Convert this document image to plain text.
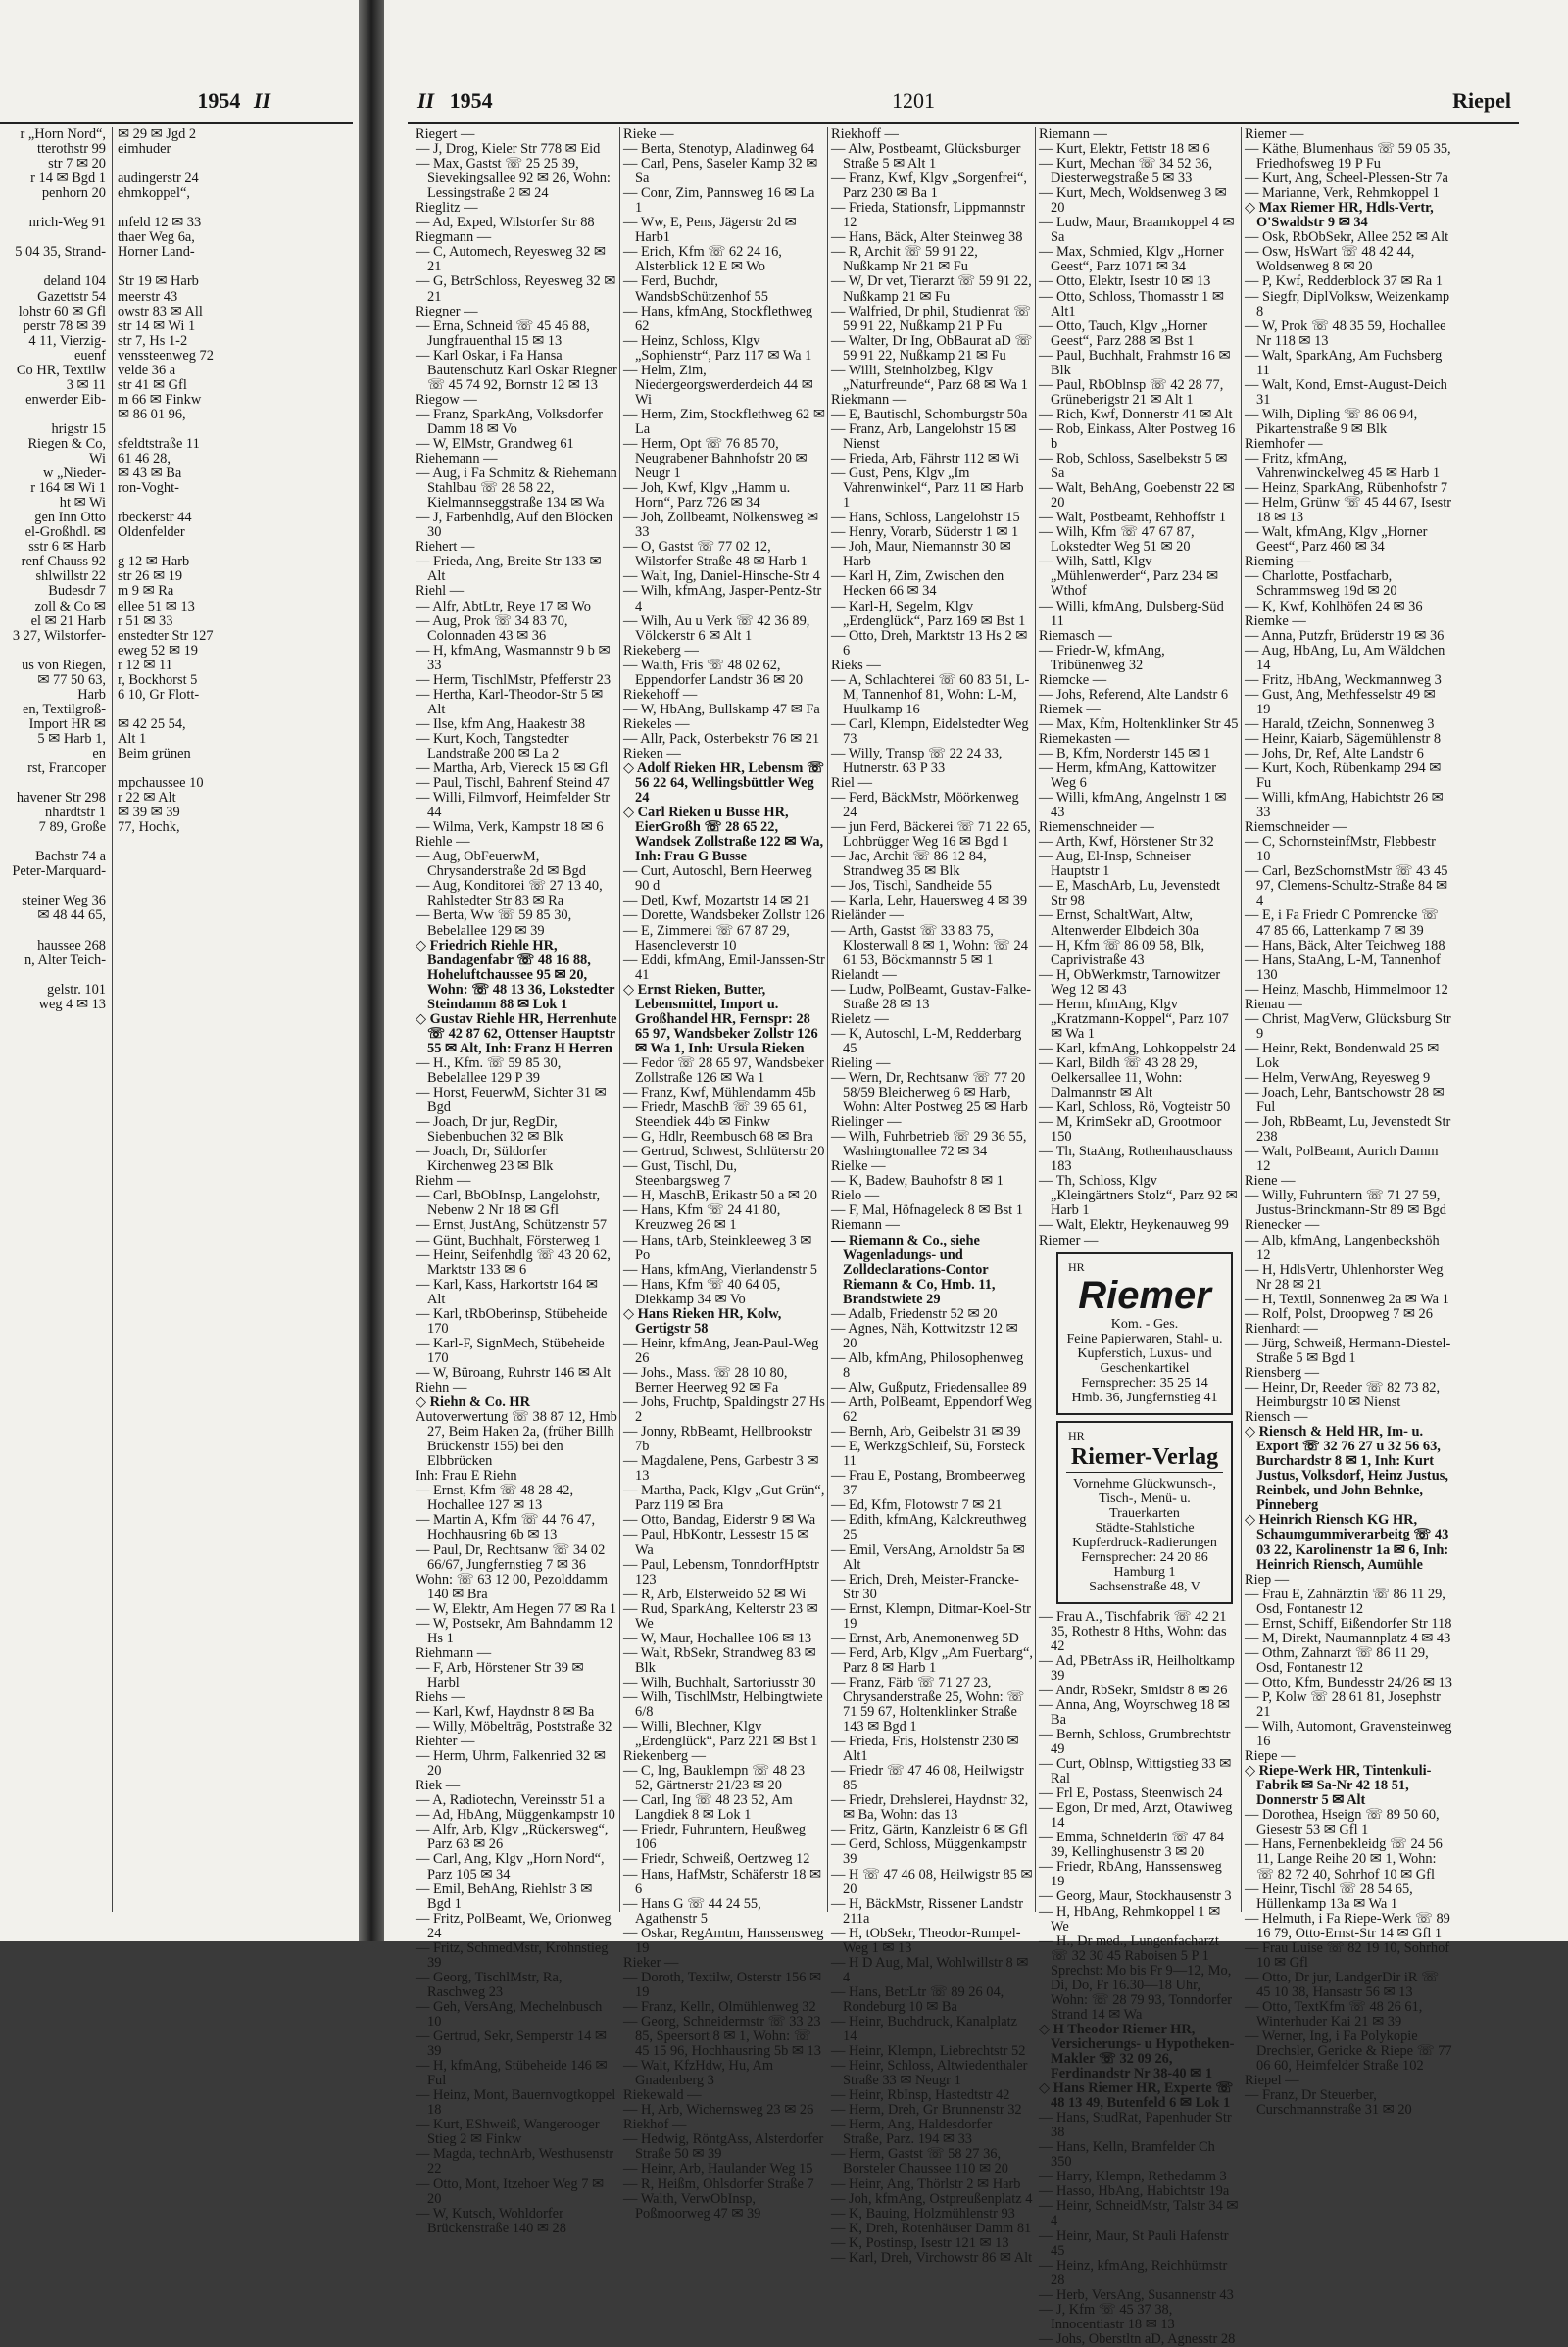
1954 II

r „Horn Nord“,

tterothstr 99

str 7 ✉ 20

r 14 ✉ Bgd 1

penhorn 20

nrich-Weg 91

5 04 35, Strand-

deland 104

Gazettstr 54

lohstr 60 ✉ Gfl

perstr 78 ✉ 39

4 11, Vierzig-

euenf

Co HR, Textilw

3 ✉ 11

enwerder Eib-

hrigstr 15

Riegen & Co,

Wi

w „Nieder-

r 164 ✉ Wi 1

ht ✉ Wi

gen Inn Otto

el-Großhdl. ✉

sstr 6 ✉ Harb

renf Chauss 92

shlwillstr 22

Budesdr 7

zoll & Co ✉

el ✉ 21 Harb

3 27, Wilstorfer-

us von Riegen,

✉ 77 50 63,

Harb

en, Textilgroß-

Import HR ✉

5 ✉ Harb 1,

en

rst, Francoper

havener Str 298

nhardtstr 1

7 89, Große

Bachstr 74 a

Peter-Marquard-

steiner Weg 36

✉ 48 44 65,

haussee 268

n, Alter Teich-

gelstr. 101

weg 4 ✉ 13

✉ 29 ✉ Jgd 2

eimhuder

audingerstr 24

ehmkoppel“,

mfeld 12 ✉ 33

thaer Weg 6a,

Horner Land-

Str 19 ✉ Harb

meerstr 43

owstr 83 ✉ All

str 14 ✉ Wi 1

str 7, Hs 1-2

venssteenweg 72

velde 36 a

str 41 ✉ Gfl

m 66 ✉ Finkw

✉ 86 01 96,

sfeldtstraße 11

61 46 28,

✉ 43 ✉ Ba

ron-Voght-

rbeckerstr 44

Oldenfelder

g 12 ✉ Harb

str 26 ✉ 19

m 9 ✉ Ra

ellee 51 ✉ 13

r 51 ✉ 33

enstedter Str 127

eweg 52 ✉ 19

r 12 ✉ 11

r, Bockhorst 5

6 10, Gr Flott-

✉ 42 25 54,

Alt 1

Beim grünen

mpchaussee 10

r 22 ✉ Alt

✉ 39 ✉ 39

77, Hochk,

II 1954	1201	Riepel

Riegert —

— J, Drog, Kieler Str 778 ✉ Eid

— Max, Gastst ☏ 25 25 39, Sievekingsallee 92 ✉ 26, Wohn: Lessingstraße 2 ✉ 24

Rieglitz —

— Ad, Exped, Wilstorfer Str 88

Riegmann —

— C, Automech, Reyesweg 32 ✉ 21

— G, BetrSchloss, Reyesweg 32 ✉ 21

Riegner —

— Erna, Schneid ☏ 45 46 88, Jungfrauenthal 15 ✉ 13

— Karl Oskar, i Fa Hansa Bautenschutz Karl Oskar Riegner ☏ 45 74 92, Bornstr 12 ✉ 13

Riegow —

— Franz, SparkAng, Volksdorfer Damm 18 ✉ Vo

— W, ElMstr, Grandweg 61

Riehemann —

— Aug, i Fa Schmitz & Riehemann Stahlbau ☏ 28 58 22, Kielmannseggstraße 134 ✉ Wa

— J, Farbenhdlg, Auf den Blöcken 30

Riehert —

— Frieda, Ang, Breite Str 133 ✉ Alt

Riehl —

— Alfr, AbtLtr, Reye 17 ✉ Wo

— Aug, Prok ☏ 34 83 70, Colonnaden 43 ✉ 36

— H, kfmAng, Wasmannstr 9 b ✉ 33

— Herm, TischlMstr, Pfefferstr 23

— Hertha, Karl-Theodor-Str 5 ✉ Alt

— Ilse, kfm Ang, Haakestr 38

— Kurt, Koch, Tangstedter Landstraße 200 ✉ La 2

— Martha, Arb, Viereck 15 ✉ Gfl

— Paul, Tischl, Bahrenf Steind 47

— Willi, Filmvorf, Heimfelder Str 44

— Wilma, Verk, Kampstr 18 ✉ 6

Riehle —

— Aug, ObFeuerwM, Chrysanderstraße 2d ✉ Bgd

— Aug, Konditorei ☏ 27 13 40, Rahlstedter Str 83 ✉ Ra

— Berta, Ww ☏ 59 85 30, Bebelallee 129 ✉ 39

◇ Friedrich Riehle HR, Bandagenfabr ☏ 48 16 88, Hoheluftchaussee 95 ✉ 20, Wohn: ☏ 48 13 36, Lokstedter Steindamm 88 ✉ Lok 1

◇ Gustav Riehle HR, Herrenhute ☏ 42 87 62, Ottenser Hauptstr 55 ✉ Alt, Inh: Franz H Herren

— H., Kfm. ☏ 59 85 30, Bebelallee 129 P 39

— Horst, FeuerwM, Sichter 31 ✉ Bgd

— Joach, Dr jur, RegDir, Siebenbuchen 32 ✉ Blk

— Joach, Dr, Süldorfer Kirchenweg 23 ✉ Blk

Riehm —

— Carl, BbObInsp, Langelohstr, Nebenw 2 Nr 18 ✉ Gfl

— Ernst, JustAng, Schützenstr 57

— Günt, Buchhalt, Försterweg 1

— Heinr, Seifenhdlg ☏ 43 20 62, Marktstr 133 ✉ 6

— Karl, Kass, Harkortstr 164 ✉ Alt

— Karl, tRbOberinsp, Stübeheide 170

— Karl-F, SignMech, Stübeheide 170

— W, Büroang, Ruhrstr 146 ✉ Alt

Riehn —

◇ Riehn & Co. HR

Autoverwertung ☏ 38 87 12, Hmb 27, Beim Haken 2a, (früher Billh Brückenstr 155) bei den Elbbrücken

Inh: Frau E Riehn

— Ernst, Kfm ☏ 48 28 42, Hochallee 127 ✉ 13

— Martin A, Kfm ☏ 44 76 47, Hochhausring 6b ✉ 13

— Paul, Dr, Rechtsanw ☏ 34 02 66/67, Jungfernstieg 7 ✉ 36

Wohn: ☏ 63 12 00, Pezolddamm 140 ✉ Bra

— W, Elektr, Am Hegen 77 ✉ Ra 1

— W, Postsekr, Am Bahndamm 12 Hs 1

Riehmann —

— F, Arb, Hörstener Str 39 ✉ Harbl

Riehs —

— Karl, Kwf, Haydnstr 8 ✉ Ba

— Willy, Möbeltrāg, Poststraße 32

Riehter —

— Herm, Uhrm, Falkenried 32 ✉ 20

Riek —

— A, Radiotechn, Vereinsstr 51 a

— Ad, HbAng, Müggenkampstr 10

— Alfr, Arb, Klgv „Rückersweg“, Parz 63 ✉ 26

— Carl, Ang, Klgv „Horn Nord“, Parz 105 ✉ 34

— Emil, BehAng, Riehlstr 3 ✉ Bgd 1

— Fritz, PolBeamt, We, Orionweg 24

— Fritz, SchmedMstr, Krohnstieg 39

— Georg, TischlMstr, Ra, Raschweg 23

— Geh, VersAng, Mechelnbusch 10

— Gertrud, Sekr, Semperstr 14 ✉ 39

— H, kfmAng, Stübeheide 146 ✉ Ful

— Heinz, Mont, Bauernvogtkoppel 18

— Kurt, EShweiß, Wangerooger Stieg 2 ✉ Finkw

— Magda, technArb, Westhusenstr 22

— Otto, Mont, Itzehoer Weg 7 ✉ 20

— W, Kutsch, Wohldorfer Brückenstraße 140 ✉ 28

Rieke —

— Berta, Stenotyp, Aladinweg 64

— Carl, Pens, Saseler Kamp 32 ✉ Sa

— Conr, Zim, Pannsweg 16 ✉ La 1

— Ww, E, Pens, Jägerstr 2d ✉ Harb1

— Erich, Kfm ☏ 62 24 16, Alsterblick 12 E ✉ Wo

— Ferd, Buchdr, WandsbSchützenhof 55

— Hans, kfmAng, Stockflethweg 62

— Heinz, Schloss, Klgv „Sophienstr“, Parz 117 ✉ Wa 1

— Helm, Zim, Niedergeorgswerderdeich 44 ✉ Wi

— Herm, Zim, Stockflethweg 62 ✉ La

— Herm, Opt ☏ 76 85 70, Neugrabener Bahnhofstr 20 ✉ Neugr 1

— Joh, Kwf, Klgv „Hamm u. Horn“, Parz 726 ✉ 34

— Joh, Zollbeamt, Nölkensweg ✉ 33

— O, Gastst ☏ 77 02 12, Wilstorfer Straße 48 ✉ Harb 1

— Walt, Ing, Daniel-Hinsche-Str 4

— Wilh, kfmAng, Jasper-Pentz-Str 4

— Wilh, Au u Verk ☏ 42 36 89, Völckerstr 6 ✉ Alt 1

Riekeberg —

— Walth, Fris ☏ 48 02 62, Eppendorfer Landstr 36 ✉ 20

Riekehoff —

— W, HbAng, Bullskamp 47 ✉ Fa

Riekeles —

— Allr, Pack, Osterbekstr 76 ✉ 21

Rieken —

◇ Adolf Rieken HR, Lebensm ☏ 56 22 64, Wellingsbüttler Weg 24

◇ Carl Rieken u Busse HR, EierGroßh ☏ 28 65 22, Wandsek Zollstraße 122 ✉ Wa, Inh: Frau G Busse

— Curt, Autoschl, Bern Heerweg 90 d

— Detl, Kwf, Mozartstr 14 ✉ 21

— Dorette, Wandsbeker Zollstr 126

— E, Zimmerei ☏ 67 87 29, Hasencleverstr 10

— Eddi, kfmAng, Emil-Janssen-Str 41

◇ Ernst Rieken, Butter, Lebensmittel, Import u. Großhandel HR, Fernspr: 28 65 97, Wandsbeker Zollstr 126 ✉ Wa 1, Inh: Ursula Rieken

— Fedor ☏ 28 65 97, Wandsbeker Zollstraße 126 ✉ Wa 1

— Franz, Kwf, Mühlendamm 45b

— Friedr, MaschB ☏ 39 65 61, Steendiek 44b ✉ Finkw

— G, Hdlr, Reembusch 68 ✉ Bra

— Gertrud, Schwest, Schlüterstr 20

— Gust, Tischl, Du, Steenbargsweg 7

— H, MaschB, Erikastr 50 a ✉ 20

— Hans, Kfm ☏ 24 41 80, Kreuzweg 26 ✉ 1

— Hans, tArb, Steinkleeweg 3 ✉ Po

— Hans, kfmAng, Vierlandenstr 5

— Hans, Kfm ☏ 40 64 05, Diekkamp 34 ✉ Vo

◇ Hans Rieken HR, Kolw, Gertigstr 58

— Heinr, kfmAng, Jean-Paul-Weg 26

— Johs., Mass. ☏ 28 10 80, Berner Heerweg 92 ✉ Fa

— Johs, Fruchtp, Spaldingstr 27 Hs 2

— Jonny, RbBeamt, Hellbrookstr 7b

— Magdalene, Pens, Garbestr 3 ✉ 13

— Martha, Pack, Klgv „Gut Grün“, Parz 119 ✉ Bra

— Otto, Bandag, Eiderstr 9 ✉ Wa

— Paul, HbKontr, Lessestr 15 ✉ Wa

— Paul, Lebensm, TonndorfHptstr 123

— R, Arb, Elsterweido 52 ✉ Wi

— Rud, SparkAng, Kelterstr 23 ✉ We

— W, Maur, Hochallee 106 ✉ 13

— Walt, RbSekr, Strandweg 83 ✉ Blk

— Wilh, Buchhalt, Sartoriusstr 30

— Wilh, TischlMstr, Helbingtwiete 6/8

— Willi, Blechner, Klgv „Erdenglück“, Parz 221 ✉ Bst 1

Riekenberg —

— C, Ing, Bauklempn ☏ 48 23 52, Gärtnerstr 21/23 ✉ 20

— Carl, Ing ☏ 48 23 52, Am Langdiek 8 ✉ Lok 1

— Friedr, Fuhruntern, Heußweg 106

— Friedr, Schweiß, Oertzweg 12

— Hans, HafMstr, Schäferstr 18 ✉ 6

— Hans G ☏ 44 24 55, Agathenstr 5

— Oskar, RegAmtm, Hanssensweg 19

Rieker —

— Doroth, Textilw, Osterstr 156 ✉ 19

— Franz, Kelln, Olmühlenweg 32

— Georg, Schneidermstr ☏ 33 23 85, Speersort 8 ✉ 1, Wohn: ☏ 45 15 96, Hochhausring 5b ✉ 13

— Walt, KfzHdw, Hu, Am Gnadenberg 3

Riekewald —

— H, Arb, Wichernsweg 23 ✉ 26

Riekhof —

— Hedwig, RöntgAss, Alsterdorfer Straße 50 ✉ 39

— Heinr, Arb, Haulander Weg 15

— R, Heißm, Ohlsdorfer Straße 7

— Walth, VerwObInsp, Poßmoorweg 47 ✉ 39

Riekhoff —

— Alw, Postbeamt, Glücksburger Straße 5 ✉ Alt 1

— Franz, Kwf, Klgv „Sorgenfrei“, Parz 230 ✉ Ba 1

— Frieda, Stationsfr, Lippmannstr 12

— Hans, Bäck, Alter Steinweg 38

— R, Archit ☏ 59 91 22, Nußkamp Nr 21 ✉ Fu

— W, Dr vet, Tierarzt ☏ 59 91 22, Nußkamp 21 ✉ Fu

— Walfried, Dr phil, Studienrat ☏ 59 91 22, Nußkamp 21 P Fu

— Walter, Dr Ing, ObBaurat aD ☏ 59 91 22, Nußkamp 21 ✉ Fu

— Willi, Steinholzbeg, Klgv „Naturfreunde“, Parz 68 ✉ Wa 1

Riekmann —

— E, Bautischl, Schomburgstr 50a

— Franz, Arb, Langelohstr 15 ✉ Nienst

— Frieda, Arb, Fährstr 112 ✉ Wi

— Gust, Pens, Klgv „Im Vahrenwinkel“, Parz 11 ✉ Harb 1

— Hans, Schloss, Langelohstr 15

— Henry, Vorarb, Süderstr 1 ✉ 1

— Joh, Maur, Niemannstr 30 ✉ Harb

— Karl H, Zim, Zwischen den Hecken 66 ✉ 34

— Karl-H, Segelm, Klgv „Erdenglück“, Parz 169 ✉ Bst 1

— Otto, Dreh, Marktstr 13 Hs 2 ✉ 6

Rieks —

— A, Schlachterei ☏ 60 83 51, L-M, Tannenhof 81, Wohn: L-M, Huulkamp 16

— Carl, Klempn, Eidelstedter Weg 73

— Willy, Transp ☏ 22 24 33, Hutnerstr. 63 P 33

Riel —

— Ferd, BäckMstr, Möörkenweg 24

— jun Ferd, Bäckerei ☏ 71 22 65, Lohbrügger Weg 16 ✉ Bgd 1

— Jac, Archit ☏ 86 12 84, Strandweg 35 ✉ Blk

— Jos, Tischl, Sandheide 55

— Karla, Lehr, Hauersweg 4 ✉ 39

Rieländer —

— Arth, Gastst ☏ 33 83 75, Klosterwall 8 ✉ 1, Wohn: ☏ 24 61 53, Böckmannstr 5 ✉ 1

Rielandt —

— Ludw, PolBeamt, Gustav-Falke-Straße 28 ✉ 13

Rieletz —

— K, Autoschl, L-M, Redderbarg 45

Rieling —

— Wern, Dr, Rechtsanw ☏ 77 20 58/59 Bleicherweg 6 ✉ Harb, Wohn: Alter Postweg 25 ✉ Harb

Rielinger —

— Wilh, Fuhrbetrieb ☏ 29 36 55, Washingtonallee 72 ✉ 34

Rielke —

— K, Badew, Bauhofstr 8 ✉ 1

Rielo —

— F, Mal, Höfnageleck 8 ✉ Bst 1

Riemann —

— Riemann & Co., siehe Wagenladungs- und Zolldeclarations-Contor Riemann & Co, Hmb. 11, Brandstwiete 29

— Adalb, Friedenstr 52 ✉ 20

— Agnes, Näh, Kottwitzstr 12 ✉ 20

— Alb, kfmAng, Philosophenweg 8

— Alw, Gußputz, Friedensallee 89

— Arth, PolBeamt, Eppendorf Weg 62

— Bernh, Arb, Geibelstr 31 ✉ 39

— E, WerkzgSchleif, Sü, Forsteck 11

— Frau E, Postang, Brombeerweg 37

— Ed, Kfm, Flotowstr 7 ✉ 21

— Edith, kfmAng, Kalckreuthweg 25

— Emil, VersAng, Arnoldstr 5a ✉ Alt

— Erich, Dreh, Meister-Francke-Str 30

— Ernst, Klempn, Ditmar-Koel-Str 19

— Ernst, Arb, Anemonenweg 5D

— Ferd, Arb, Klgv „Am Fuerbarg“, Parz 8 ✉ Harb 1

— Franz, Färb ☏ 71 27 23, Chrysanderstraße 25, Wohn: ☏ 71 59 67, Holtenklinker Straße 143 ✉ Bgd 1

— Frieda, Fris, Holstenstr 230 ✉ Alt1

— Friedr ☏ 47 46 08, Heilwigstr 85

— Friedr, Drehslerei, Haydnstr 32, ✉ Ba, Wohn: das 13

— Fritz, Gärtn, Kanzleistr 6 ✉ Gfl

— Gerd, Schloss, Müggenkampstr 39

— H ☏ 47 46 08, Heilwigstr 85 ✉ 20

— H, BäckMstr, Rissener Landstr 211a

— H, tObSekr, Theodor-Rumpel-Weg 1 ✉ 13

— H D Aug, Mal, Wohlwillstr 8 ✉ 4

— Hans, BetrLtr ☏ 89 26 04, Rondeburg 10 ✉ Ba

— Heinr, Buchdruck, Kanalplatz 14

— Heinr, Klempn, Liebrechtstr 52

— Heinr, Schloss, Altwiedenthaler Straße 33 ✉ Neugr 1

— Heinr, RbInsp, Hastedtstr 42

— Herm, Dreh, Gr Brunnenstr 32

— Herm, Ang, Haldesdorfer Straße, Parz. 194 ✉ 33

— Herm, Gastst ☏ 58 27 36, Borsteler Chaussee 110 ✉ 20

— Heinr, Ang, Thörlstr 2 ✉ Harb

— Joh, kfmAng, Ostpreußenplatz 4

— K, Bauing, Holzmühlenstr 93

— K, Dreh, Rotenhäuser Damm 81

— K, Postinsp, Isestr 121 ✉ 13

— Karl, Dreh, Virchowstr 86 ✉ Alt

Riemann —

— Kurt, Elektr, Fettstr 18 ✉ 6

— Kurt, Mechan ☏ 34 52 36, Diesterwegstraße 5 ✉ 33

— Kurt, Mech, Woldsenweg 3 ✉ 20

— Ludw, Maur, Braamkoppel 4 ✉ Sa

— Max, Schmied, Klgv „Horner Geest“, Parz 1071 ✉ 34

— Otto, Elektr, Isestr 10 ✉ 13

— Otto, Schloss, Thomasstr 1 ✉ Alt1

— Otto, Tauch, Klgv „Horner Geest“, Parz 288 ✉ Bst 1

— Paul, Buchhalt, Frahmstr 16 ✉ Blk

— Paul, RbOblnsp ☏ 42 28 77, Grüneberigstr 21 ✉ Alt 1

— Rich, Kwf, Donnerstr 41 ✉ Alt

— Rob, Einkass, Alter Postweg 16 b

— Rob, Schloss, Saselbekstr 5 ✉ Sa

— Walt, BehAng, Goebenstr 22 ✉ 20

— Walt, Postbeamt, Rehhoffstr 1

— Wilh, Kfm ☏ 47 67 87, Lokstedter Weg 51 ✉ 20

— Wilh, Sattl, Klgv „Mühlenwerder“, Parz 234 ✉ Wthof

— Willi, kfmAng, Dulsberg-Süd 11

Riemasch —

— Friedr-W, kfmAng, Tribünenweg 32

Riemcke —

— Johs, Referend, Alte Landstr 6

Riemek —

— Max, Kfm, Holtenklinker Str 45

Riemekasten —

— B, Kfm, Norderstr 145 ✉ 1

— Herm, kfmAng, Kattowitzer Weg 6

— Willi, kfmAng, Angelnstr 1 ✉ 43

Riemenschneider —

— Arth, Kwf, Hörstener Str 32

— Aug, El-Insp, Schneiser Hauptstr 1

— E, MaschArb, Lu, Jevenstedt Str 98

— Ernst, SchaltWart, Altw, Altenwerder Elbdeich 30a

— H, Kfm ☏ 86 09 58, Blk, Caprivistraße 43

— H, ObWerkmstr, Tarnowitzer Weg 12 ✉ 43

— Herm, kfmAng, Klgv „Kratzmann-Koppel“, Parz 107 ✉ Wa 1

— Karl, kfmAng, Lohkoppelstr 24

— Karl, Bildh ☏ 43 28 29, Oelkersallee 11, Wohn: Dalmannstr ✉ Alt

— Karl, Schloss, Rö, Vogteistr 50

— M, KrimSekr aD, Grootmoor 150

— Th, StaAng, Rothenhauschauss 183

— Th, Schloss, Klgv „Kleingärtners Stolz“, Parz 92 ✉ Harb 1

— Walt, Elektr, Heykenauweg 99

Riemer —

HR
Riemer
Kom. - Ges.
Feine Papierwaren, Stahl- u. Kupferstich, Luxus- und Geschenkartikel
Fernsprecher: 35 25 14
Hmb. 36, Jungfernstieg 41
HR
Riemer-Verlag
Vornehme Glückwunsch-, Tisch-, Menü- u. Trauerkarten
Städte-Stahlstiche
Kupferdruck-Radierungen
Fernsprecher: 24 20 86
Hamburg 1
Sachsenstraße 48, V

— Frau A., Tischfabrik ☏ 42 21 35, Rothestr 8 Hths, Wohn: das 42

— Ad, PBetrAss iR, Heilholtkamp 39

— Andr, RbSekr, Smidstr 8 ✉ 26

— Anna, Ang, Woyrschweg 18 ✉ Ba

— Bernh, Schloss, Grumbrechtstr 49

— Curt, Oblnsp, Wittigstieg 33 ✉ Ral

— Frl E, Postass, Steenwisch 24

— Egon, Dr med, Arzt, Otawiweg 14

— Emma, Schneiderin ☏ 47 84 39, Kellinghusenstr 3 ✉ 20

— Friedr, RbAng, Hanssensweg 19

— Georg, Maur, Stockhausenstr 3

— H, HbAng, Rehmkoppel 1 ✉ We

— H., Dr med., Lungenfacharzt ☏ 32 30 45 Raboisen 5 P 1 Sprechst: Mo bis Fr 9—12, Mo, Di, Do, Fr 16.30—18 Uhr, Wohn: ☏ 28 79 93, Tonndorfer Strand 14 ✉ Wa

◇ H Theodor Riemer HR, Versicherungs- u Hypotheken-Makler ☏ 32 09 26, Ferdinandstr Nr 38-40 ✉ 1

◇ Hans Riemer HR, Experte ☏ 48 13 49, Butenfeld 6 ✉ Lok 1

— Hans, StudRat, Papenhuder Str 38

— Hans, Kelln, Bramfelder Ch 350

— Harry, Klempn, Rethedamm 3

— Hasso, HbAng, Habichtstr 19a

— Heinr, SchneidMstr, Talstr 34 ✉ 4

— Heinr, Maur, St Pauli Hafenstr 45

— Heinz, kfmAng, Reichhütmstr 28

— Herb, VersAng, Susannenstr 43

— J, Kfm ☏ 45 37 38, Innocentiastr 18 ✉ 13

— Johs, Oberstltn aD, Agnesstr 28

Riemer —

— Käthe, Blumenhaus ☏ 59 05 35, Friedhofsweg 19 P Fu

— Kurt, Ang, Scheel-Plessen-Str 7a

— Marianne, Verk, Rehmkoppel 1

◇ Max Riemer HR, Hdls-Vertr, O'Swaldstr 9 ✉ 34

— Osk, RbObSekr, Allee 252 ✉ Alt

— Osw, HsWart ☏ 48 42 44, Woldsenweg 8 ✉ 20

— P, Kwf, Redderblock 37 ✉ Ra 1

— Siegfr, DiplVolksw, Weizenkamp 8

— W, Prok ☏ 48 35 59, Hochallee Nr 118 ✉ 13

— Walt, SparkAng, Am Fuchsberg 11

— Walt, Kond, Ernst-August-Deich 31

— Wilh, Dipling ☏ 86 06 94, Pikartenstraße 9 ✉ Blk

Riemhofer —

— Fritz, kfmAng, Vahrenwinckelweg 45 ✉ Harb 1

— Heinz, SparkAng, Rübenhofstr 7

— Helm, Grünw ☏ 45 44 67, Isestr 18 ✉ 13

— Walt, kfmAng, Klgv „Horner Geest“, Parz 460 ✉ 34

Rieming —

— Charlotte, Postfacharb, Schrammsweg 19d ✉ 20

— K, Kwf, Kohlhöfen 24 ✉ 36

Riemke —

— Anna, Putzfr, Brüderstr 19 ✉ 36

— Aug, HbAng, Lu, Am Wäldchen 14

— Fritz, HbAng, Weckmannweg 3

— Gust, Ang, Methfesselstr 49 ✉ 19

— Harald, tZeichn, Sonnenweg 3

— Heinr, Kaiarb, Sägemühlenstr 8

— Johs, Dr, Ref, Alte Landstr 6

— Kurt, Koch, Rübenkamp 294 ✉ Fu

— Willi, kfmAng, Habichtstr 26 ✉ 33

Riemschneider —

— C, SchornsteinfMstr, Flebbestr 10

— Carl, BezSchornstMstr ☏ 43 45 97, Clemens-Schultz-Straße 84 ✉ 4

— E, i Fa Friedr C Pomrencke ☏ 47 85 66, Lattenkamp 7 ✉ 39

— Hans, Bäck, Alter Teichweg 188

— Hans, StaAng, L-M, Tannenhof 130

— Heinz, Maschb, Himmelmoor 12

Rienau —

— Christ, MagVerw, Glücksburg Str 9

— Heinr, Rekt, Bondenwald 25 ✉ Lok

— Helm, VerwAng, Reyesweg 9

— Joach, Lehr, Bantschowstr 28 ✉ Ful

— Joh, RbBeamt, Lu, Jevenstedt Str 238

— Walt, PolBeamt, Aurich Damm 12

Riene —

— Willy, Fuhruntern ☏ 71 27 59, Justus-Brinckmann-Str 89 ✉ Bgd

Rienecker —

— Alb, kfmAng, Langenbeckshöh 12

— H, HdlsVertr, Uhlenhorster Weg Nr 28 ✉ 21

— H, Textil, Sonnenweg 2a ✉ Wa 1

— Rolf, Polst, Droopweg 7 ✉ 26

Rienhardt —

— Jürg, Schweiß, Hermann-Diestel-Straße 5 ✉ Bgd 1

Riensberg —

— Heinr, Dr, Reeder ☏ 82 73 82, Heimburgstr 10 ✉ Nienst

Riensch —

◇ Riensch & Held HR, Im- u. Export ☏ 32 76 27 u 32 56 63, Burchardstr 8 ✉ 1, Inh: Kurt Justus, Volksdorf, Heinz Justus, Reinbek, und John Behnke, Pinneberg

◇ Heinrich Riensch KG HR, Schaumgummiverarbeitg ☏ 43 03 22, Karolinenstr 1a ✉ 6, Inh: Heinrich Riensch, Aumühle

Riep —

— Frau E, Zahnärztin ☏ 86 11 29, Osd, Fontanestr 12

— Ernst, Schiff, Eißendorfer Str 118

— M, Direkt, Naumannplatz 4 ✉ 43

— Othm, Zahnarzt ☏ 86 11 29, Osd, Fontanestr 12

— Otto, Kfm, Bundesstr 24/26 ✉ 13

— P, Kolw ☏ 28 61 81, Josephstr 21

— Wilh, Automont, Gravensteinweg 16

Riepe —

◇ Riepe-Werk HR, Tintenkuli-Fabrik ✉ Sa-Nr 42 18 51, Donnerstr 5 ✉ Alt

— Dorothea, Hseign ☏ 89 50 60, Giesestr 53 ✉ Gfl 1

— Hans, Fernenbekleidg ☏ 24 56 11, Lange Reihe 20 ✉ 1, Wohn: ☏ 82 72 40, Sohrhof 10 ✉ Gfl

— Heinr, Tischl ☏ 28 54 65, Hüllenkamp 13a ✉ Wa 1

— Helmuth, i Fa Riepe-Werk ☏ 89 16 79, Otto-Ernst-Str 14 ✉ Gfl 1

— Frau Luise ☏ 82 19 10, Sohrhof 10 ✉ Gfl

— Otto, Dr jur, LandgerDir iR ☏ 45 10 38, Hansastr 56 ✉ 13

— Otto, TextKfm ☏ 48 26 61, Winterhuder Kai 21 ✉ 39

— Werner, Ing, i Fa Polykopie Drechsler, Gericke & Riepe ☏ 77 06 60, Heimfelder Straße 102

Riepel —

— Franz, Dr Steuerber, Curschmannstraße 31 ✉ 20
